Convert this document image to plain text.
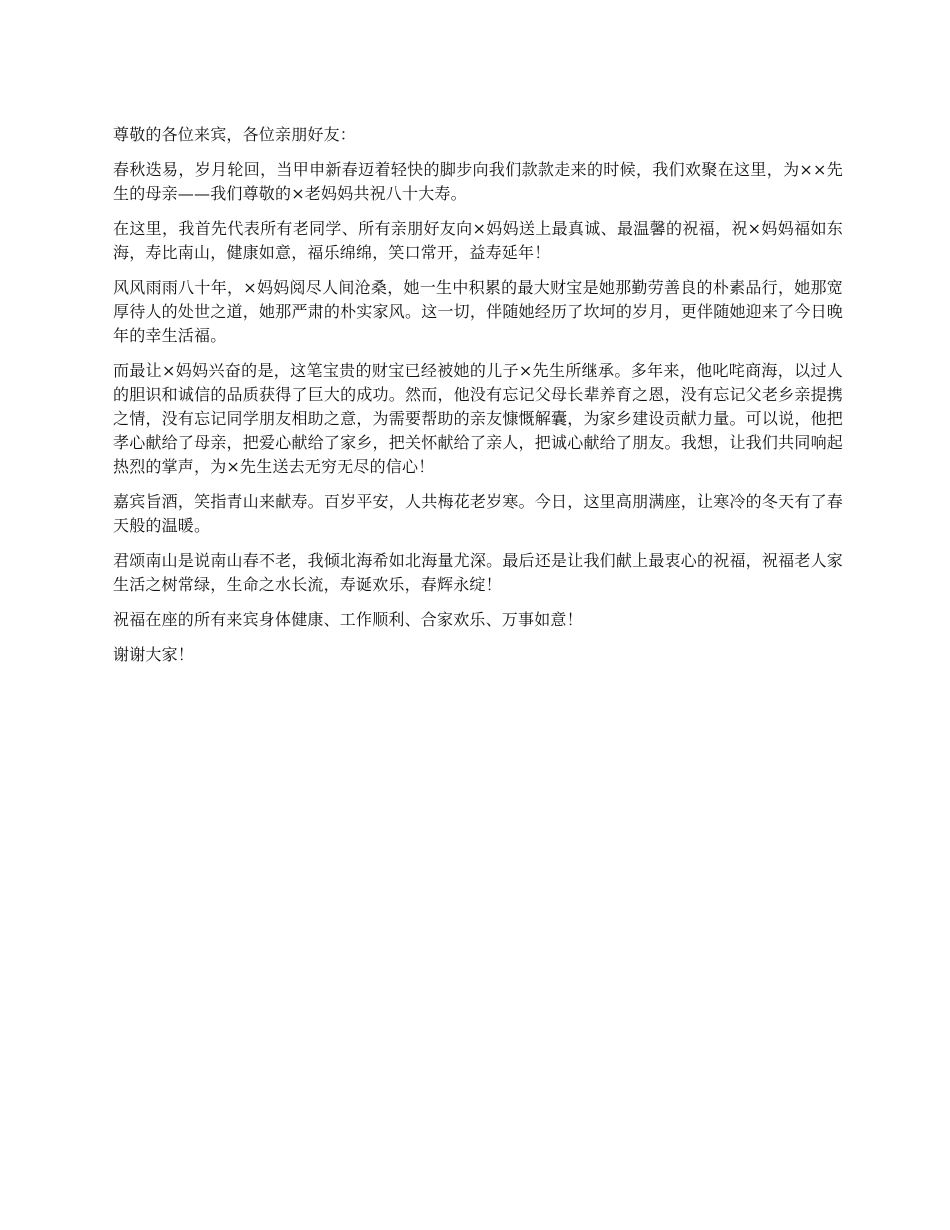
尊敬的各位来宾，各位亲朋好友：

春秋迭易，岁月轮回，当甲申新春迈着轻快的脚步向我们款款走来的时候，我们欢聚在这里，为××先生的母亲——我们尊敬的×老妈妈共祝八十大寿。

在这里，我首先代表所有老同学、所有亲朋好友向×妈妈送上最真诚、最温馨的祝福，祝×妈妈福如东海，寿比南山，健康如意，福乐绵绵，笑口常开，益寿延年！

风风雨雨八十年，×妈妈阅尽人间沧桑，她一生中积累的最大财宝是她那勤劳善良的朴素品行，她那宽厚待人的处世之道，她那严肃的朴实家风。这一切，伴随她经历了坎坷的岁月，更伴随她迎来了今日晚年的幸生活福。

而最让×妈妈兴奋的是，这笔宝贵的财宝已经被她的儿子×先生所继承。多年来，他叱咤商海，以过人的胆识和诚信的品质获得了巨大的成功。然而，他没有忘记父母长辈养育之恩，没有忘记父老乡亲提携之情，没有忘记同学朋友相助之意，为需要帮助的亲友慷慨解囊，为家乡建设贡献力量。可以说，他把孝心献给了母亲，把爱心献给了家乡，把关怀献给了亲人，把诚心献给了朋友。我想，让我们共同响起热烈的掌声，为×先生送去无穷无尽的信心！

嘉宾旨酒，笑指青山来献寿。百岁平安，人共梅花老岁寒。今日，这里高朋满座，让寒冷的冬天有了春天般的温暖。

君颂南山是说南山春不老，我倾北海希如北海量尤深。最后还是让我们献上最衷心的祝福，祝福老人家生活之树常绿，生命之水长流，寿诞欢乐，春辉永绽！

祝福在座的所有来宾身体健康、工作顺利、合家欢乐、万事如意！

谢谢大家！
